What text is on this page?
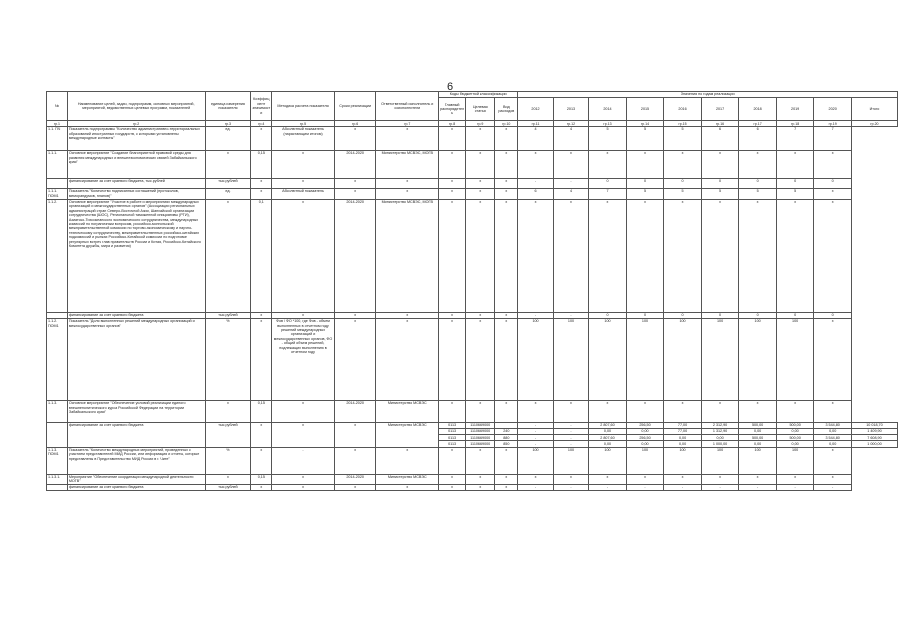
6
№	Наименование целей, задач, подпрограмм, основных мероприятий, мероприятий, ведомственных целевых программ, показателей	единица измерения показателя	Коэффициент значимости	Методика расчета показателя	Сроки реализации	Ответственный исполнитель и соисполнители	Коды бюджетной классификации			Значения по годам реализации									
							Главный распорядитель	Целевая статья	Вид расходов	2012	2013	2014	2015	2016	2017	2018	2019	2020	Итого
гр.1	гр.2	гр.3	гр.4	гр.5	гр.6	гр.7	гр.8	гр.9	гр.10	гр.11	гр.12	гр.13	гр.14	гр.15	гр.16	гр.17	гр.18	гр.19	гр.20
1.1. ПЧ	Показатель подпрограммы "Количество административно-территориальных образований иностранных государств, с которыми установлены международные контакты"	ед.	х	Абсолютный показатель (нарастающим итогом)	х	х	х	х	х	4	4	5	5	5	6	6	7	7	
1.1.1.	Основное мероприятие "Создание благоприятной правовой среды для развития международных и внешнеэкономических связей Забайкальского края"	х	0,15	х	2014-2020	Министерство МСВЭС, МОГВ	х	х	х	х	х	х	х	х	х	х	х	х	
	финансирование за счет краевого бюджета, тыс.рублей	тыс.рублей	х	х	х	х	х	х	х	-	-	0	0	0	0	0	0	0	
1.1.1. ПОМ1	Показатель "Количество подписанных соглашений (протоколов, меморандумов, планов)"	ед.	х	Абсолютный показатель	х	х	х	х	х	6	4	7	5	5	5	5	5	х	
1.1.2.	Основное мероприятие "Участие в работе и мероприятиях международных организаций и межгосударственных органов" (Ассоциации региональных администраций стран Северо-Восточной Азии, Шанхайской организации сотрудничества (ШОС), Региональной таможенной инициативы (РТИ), Азиатско-Тихоокеанского экономического сотрудничества, международных комиссий по пограничным вопросам, российско-монгольской межправительственной комиссии по торгово-экономическому и научно-техническому сотрудничеству, межправительственных российско-китайских подкомиссий и рынках Российско-Китайской комиссии по подготовке регулярных встреч глав правительств России и Китая, Российско-Китайского Комитета дружбы, мира и развития)	х	0,1	х	2014-2020	Министерство МСВЭС, МОГВ	х	х	х	х	х	х	х	х	х	х	х	х	
	финансирование за счет краевого бюджета	тыс.рублей	х	х	х	х	х	х	х	-	-	0	0	0	0	0	0	0	
1.1.2. ПОМ1	Показатель "Доля выполненных решений международных организаций и межгосударственных органов"	%	х	Фов / ФО *100, где Фов - объем выполненных в отчетном году решений международных организаций и межгосударственных органов, ФО - общий объем решений, подлежащих выполнению в отчетном году	х	х	х	х	х	100	100	100	100	100	100	100	100	х	
1.1.3.	Основное мероприятие "Обеспечение условий реализации единого внешнеполитического курса Российской Федерации на территории Забайкальского края"	х	0,15	х	2014-2020	Министерство МСВЭС	х	х	х	х	х	х	х	х	х	х	х	х	
	финансирование за счет краевого бюджета	тыс.рублей	х	х	х	Министерство МСВЭС	0113	1110669000		-	-	2 807,60	256,50	77,00	2 312,90	500,00	500,00	3 544,80	10 018,70
							0113	1110669000	240	-	-	0,00	0,00	77,00	1 312,90	0,00	0,00	0,00	1 409,90
							0113	1110669000	880	-	-	2 807,60	256,50	0,00	0,00	500,00	500,00	3 544,80	7 608,90
							0113	1110669000	850	-	-	0,00	0,00	0,00	1 000,00	0,00	0,00	0,00	1 000,00
1.1.3. ПОМ1	Показатель "Количество международных мероприятий, проведенных с участием представителей МИД России, или информация и отчеты, которые представлены в Представительство МИД России в г. Чите"	%	х	-	х	х	х	х	х	100	100	100	100	100	100	100	100	х	
1.1.3.1.	Мероприятие "Обеспечение координации международной деятельности МОГВ"	х	0,15	х	2014-2020	Министерство МСВЭС	х	х	х	х	х	х	х	х	х	х	х	х	
	финансирование за счет краевого бюджета	тыс.рублей	х	х	х	х	х	х	х	-	-	-	-	-	-	-	-	-	
